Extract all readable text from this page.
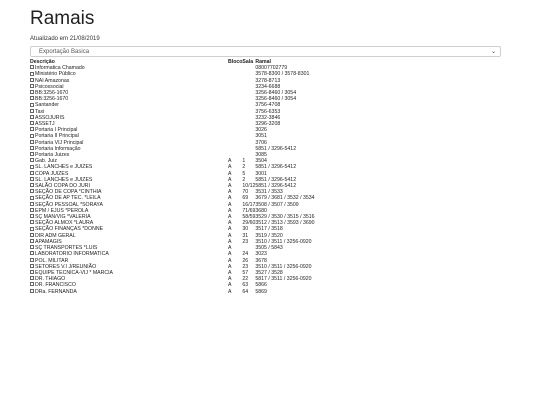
Ramais
Atualizado em 21/08/2019
Exportação Basica	⌄
Descrição	Bloco	Sala	Ramal
Informatica Chamado			08007702779
Ministério Público			3578-8300 / 3578-8301
NAI Amazonas			3278-8713
Psicossocial			3234-6688
BB:3256-1670			3256-8460 / 3054
BB:3256-1670			3256-8460 / 3054
Santander			3756-4708
Taxi			3756-6353
ASSOJURIS			3232-3846
ASSETJ			3296-3208
Portaria I Principal			3026
Portaria II Principal			3051
Portaria VIJ Principal			3706
Portaria Informação			5851 / 3296-5412
Portaria Juizes			3085
Gab. Juiz	A	1	3504
SL. LANCHES e JUIZES	A	2	5851 / 3296-5412
COPA JUIZES	A	5	3001
SL. LANCHES e JUIZES	A	2	5851 / 3296-5412
SALÃO COPA DO JURI	A	10/12	5851 / 3296-5412
SEÇÃO DE COPA *CINTHIA	A	70	3531 / 3533
SEÇÃO DE AP TEC. *LEILA	A	69	3679 / 3681 / 3532 / 3534
SEÇÃO PESSOAL *SORAYA	A	16/17	3508 / 3507 / 3509
EPM / EJUS *PEROLA	A	71/69	3680
SÇ MAN/VIG *VALERIA	A	58/59	3529 / 3530 / 3515 / 3516
SEÇÃO ALMOX *LAURA	A	29/60	3512 / 3513 / 3593 / 3690
SEÇÃO FINANÇAS *DONNE	A	30	3517 / 3518
DIR ADM GERAL	A	31	3519 / 3520
APAMAGIS	A	23	3510 / 3511 / 3256-0920
SÇ TRANSPORTES *LUIS	A		3505 / 5843
LABORATORIO INFORMATICA	A	24	3023
POL. MILITAR	A	26	3678
SETORES V.I J/REUNIÃO	A	23	3510 / 3511 / 3256-0920
EQUIPE TECNICA-VIJ * MARCIA	A	57	3527 / 3528
DR. THIAGO	A	22	5817 / 3511 / 3256-0920
DR. FRANCISCO	A	63	5866
DRa. FERNANDA	A	64	5869
